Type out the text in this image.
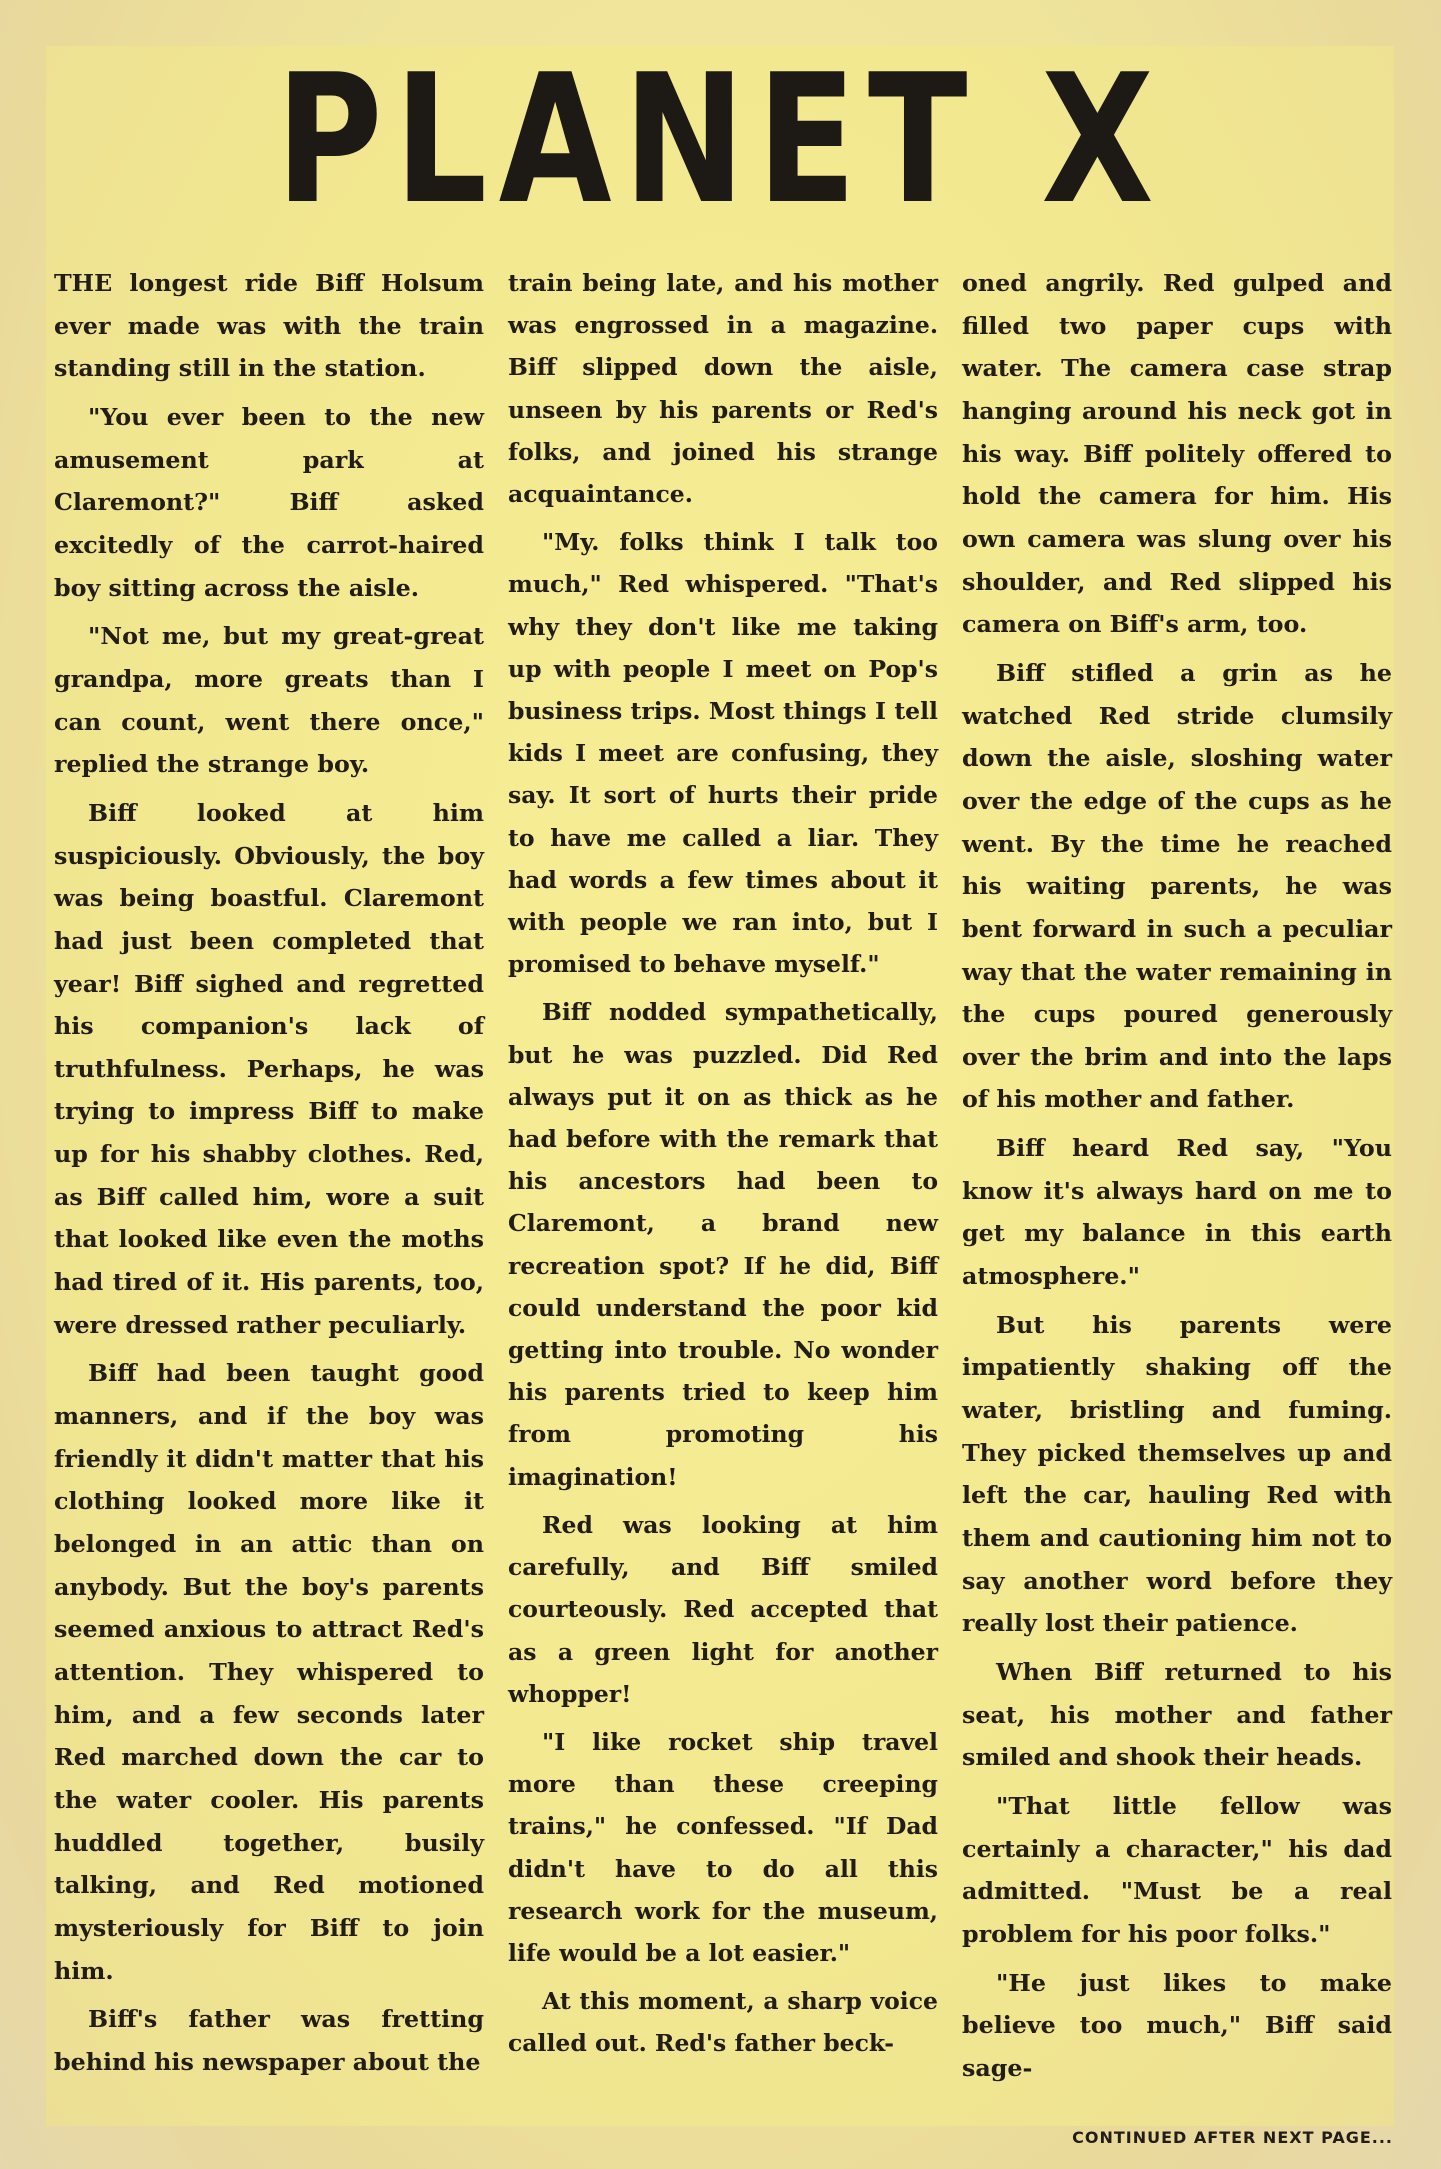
PLANET X

THE longest ride Biff Holsum ever made was with the train standing still in the station.

"You ever been to the new amusement park at Claremont?" Biff asked excitedly of the carrot-haired boy sitting across the aisle.

"Not me, but my great-great grandpa, more greats than I can count, went there once," replied the strange boy.

Biff looked at him suspiciously. Obviously, the boy was being boastful. Claremont had just been completed that year! Biff sighed and regretted his companion's lack of truthfulness. Perhaps, he was trying to impress Biff to make up for his shabby clothes. Red, as Biff called him, wore a suit that looked like even the moths had tired of it. His parents, too, were dressed rather peculiarly.

Biff had been taught good manners, and if the boy was friendly it didn't matter that his clothing looked more like it belonged in an attic than on anybody. But the boy's parents seemed anxious to attract Red's attention. They whispered to him, and a few seconds later Red marched down the car to the water cooler. His parents huddled together, busily talking, and Red motioned mysteriously for Biff to join him.

Biff's father was fretting behind his newspaper about the

train being late, and his mother was engrossed in a magazine. Biff slipped down the aisle, unseen by his parents or Red's folks, and joined his strange acquaintance.

"My. folks think I talk too much," Red whispered. "That's why they don't like me taking up with people I meet on Pop's business trips. Most things I tell kids I meet are confusing, they say. It sort of hurts their pride to have me called a liar. They had words a few times about it with people we ran into, but I promised to behave myself."

Biff nodded sympathetically, but he was puzzled. Did Red always put it on as thick as he had before with the remark that his ancestors had been to Claremont, a brand new recreation spot? If he did, Biff could understand the poor kid getting into trouble. No wonder his parents tried to keep him from promoting his imagination!

Red was looking at him carefully, and Biff smiled courteously. Red accepted that as a green light for another whopper!

"I like rocket ship travel more than these creeping trains," he confessed. "If Dad didn't have to do all this research work for the museum, life would be a lot easier."

At this moment, a sharp voice called out. Red's father beck-

oned angrily. Red gulped and filled two paper cups with water. The camera case strap hanging around his neck got in his way. Biff politely offered to hold the camera for him. His own camera was slung over his shoulder, and Red slipped his camera on Biff's arm, too.

Biff stifled a grin as he watched Red stride clumsily down the aisle, sloshing water over the edge of the cups as he went. By the time he reached his waiting parents, he was bent forward in such a peculiar way that the water remaining in the cups poured generously over the brim and into the laps of his mother and father.

Biff heard Red say, "You know it's always hard on me to get my balance in this earth atmosphere."

But his parents were impatiently shaking off the water, bristling and fuming. They picked themselves up and left the car, hauling Red with them and cautioning him not to say another word before they really lost their patience.

When Biff returned to his seat, his mother and father smiled and shook their heads.

"That little fellow was certainly a character," his dad admitted. "Must be a real problem for his poor folks."

"He just likes to make believe too much," Biff said sage-

CONTINUED AFTER NEXT PAGE...
